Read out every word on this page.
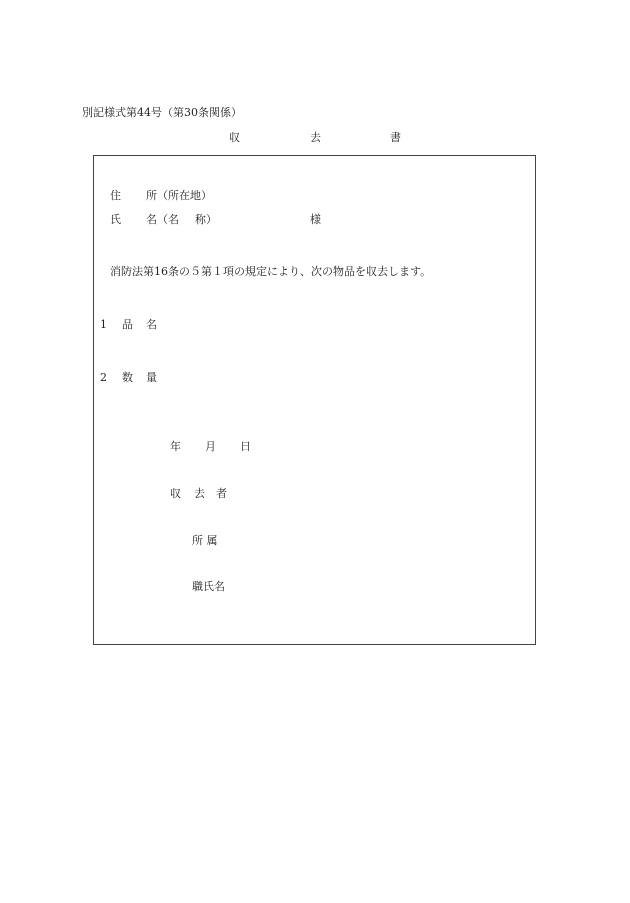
別記様式第44号（第30条関係）
収	去	書
住 所（所在地）
氏 名（名 称）	様
消防法第16条の５第１項の規定により、次の物品を収去します。
1 品 名
2 数 量
年 月 日
収 去 者
所 属
職氏名
